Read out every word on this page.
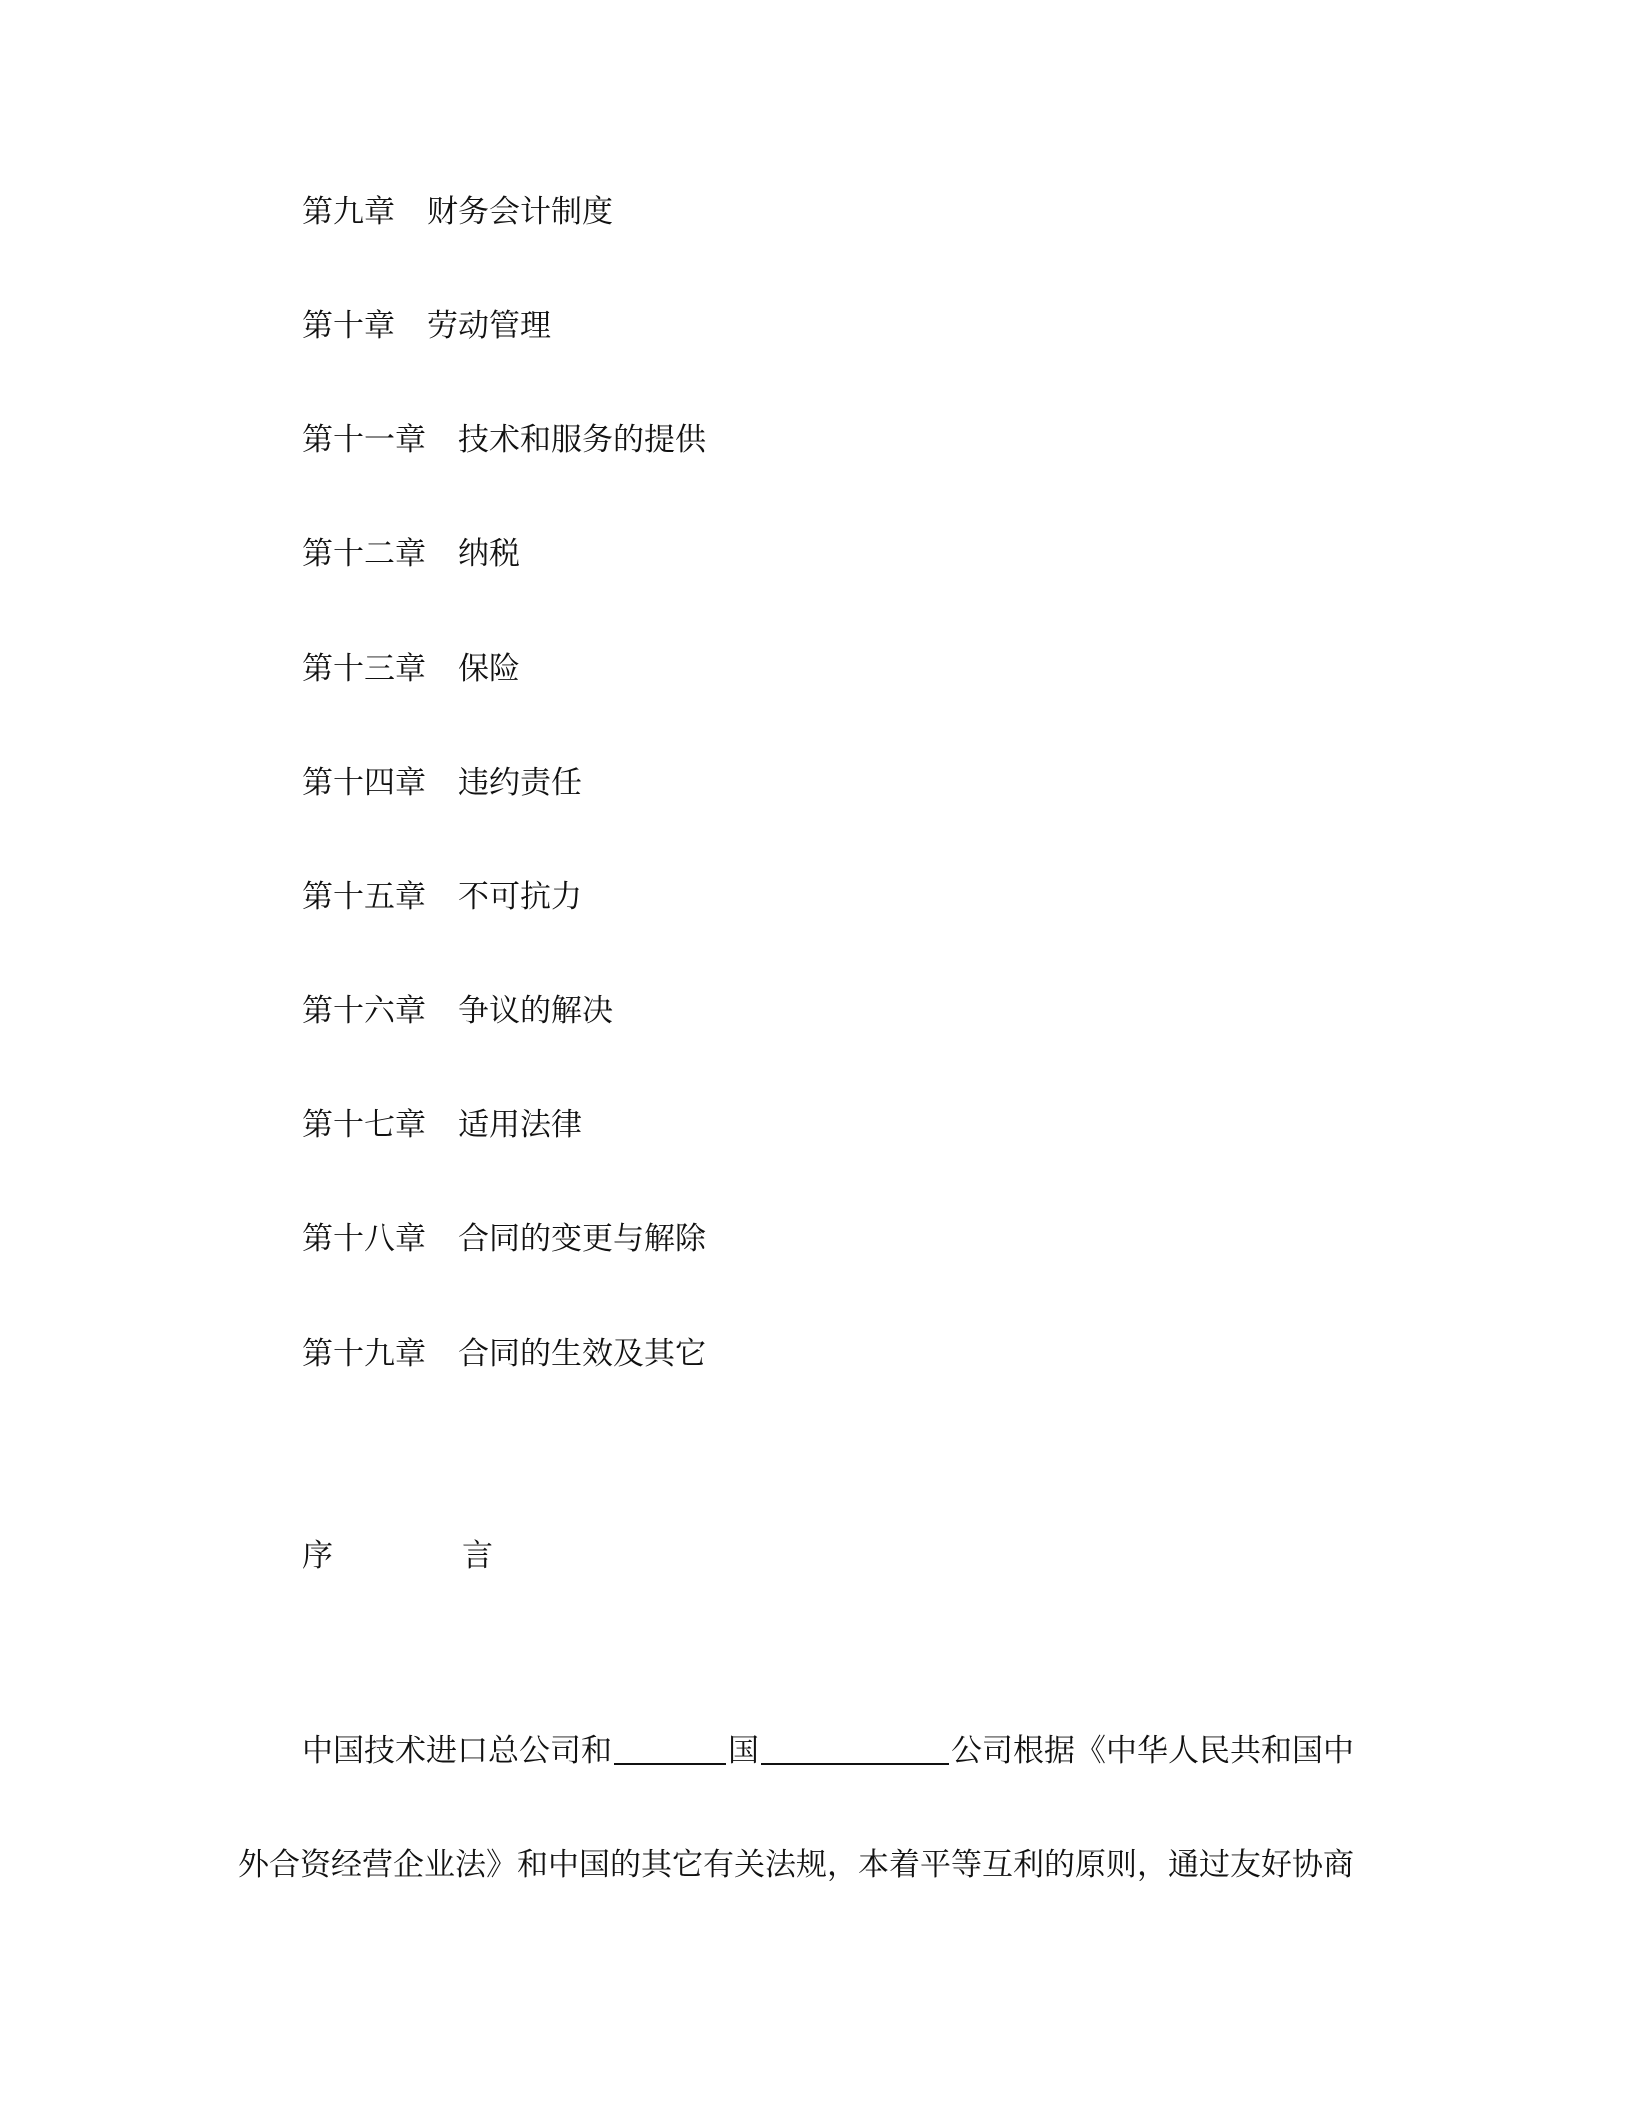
第九章 财务会计制度
第十章 劳动管理
第十一章 技术和服务的提供
第十二章 纳税
第十三章 保险
第十四章 违约责任
第十五章 不可抗力
第十六章 争议的解决
第十七章 适用法律
第十八章 合同的变更与解除
第十九章 合同的生效及其它
序	言
中国技术进口总公司和	国	公司根据《中华人民共和国中
外合资经营企业法》和中国的其它有关法规，本着平等互利的原则，通过友好协商
